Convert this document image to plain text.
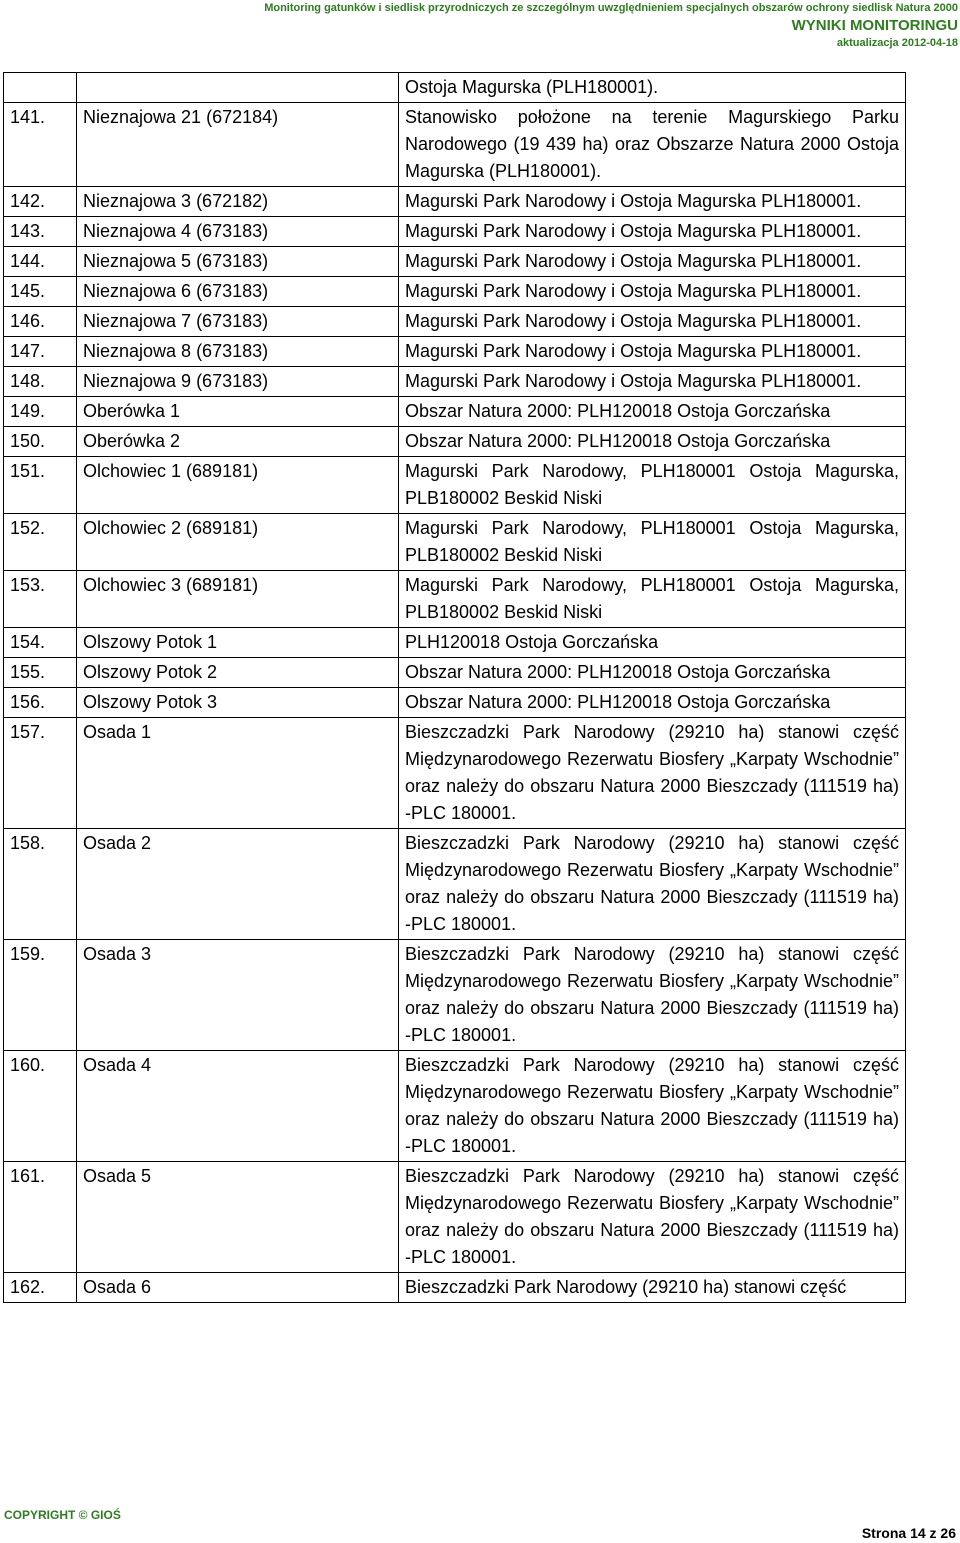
Monitoring gatunków i siedlisk przyrodniczych ze szczególnym uwzględnieniem specjalnych obszarów ochrony siedlisk Natura 2000
WYNIKI MONITORINGU
aktualizacja 2012-04-18
		Ostoja Magurska (PLH180001).
141.	Nieznajowa 21 (672184)	Stanowisko położone na terenie Magurskiego Parku Narodowego (19 439 ha) oraz Obszarze Natura 2000 Ostoja Magurska (PLH180001).
142.	Nieznajowa 3 (672182)	Magurski Park Narodowy i Ostoja Magurska PLH180001.
143.	Nieznajowa 4 (673183)	Magurski Park Narodowy i Ostoja Magurska PLH180001.
144.	Nieznajowa 5 (673183)	Magurski Park Narodowy i Ostoja Magurska PLH180001.
145.	Nieznajowa 6 (673183)	Magurski Park Narodowy i Ostoja Magurska PLH180001.
146.	Nieznajowa 7 (673183)	Magurski Park Narodowy i Ostoja Magurska PLH180001.
147.	Nieznajowa 8 (673183)	Magurski Park Narodowy i Ostoja Magurska PLH180001.
148.	Nieznajowa 9 (673183)	Magurski Park Narodowy i Ostoja Magurska PLH180001.
149.	Oberówka 1	Obszar Natura 2000: PLH120018 Ostoja Gorczańska
150.	Oberówka 2	Obszar Natura 2000: PLH120018 Ostoja Gorczańska
151.	Olchowiec 1 (689181)	Magurski Park Narodowy, PLH180001 Ostoja Magurska, PLB180002 Beskid Niski
152.	Olchowiec 2 (689181)	Magurski Park Narodowy, PLH180001 Ostoja Magurska, PLB180002 Beskid Niski
153.	Olchowiec 3 (689181)	Magurski Park Narodowy, PLH180001 Ostoja Magurska, PLB180002 Beskid Niski
154.	Olszowy Potok 1	PLH120018 Ostoja Gorczańska
155.	Olszowy Potok 2	Obszar Natura 2000: PLH120018 Ostoja Gorczańska
156.	Olszowy Potok 3	Obszar Natura 2000: PLH120018 Ostoja Gorczańska
157.	Osada 1	Bieszczadzki Park Narodowy (29210 ha) stanowi część Międzynarodowego Rezerwatu Biosfery „Karpaty Wschodnie” oraz należy do obszaru Natura 2000 Bieszczady (111519 ha) -PLC 180001.
158.	Osada 2	Bieszczadzki Park Narodowy (29210 ha) stanowi część Międzynarodowego Rezerwatu Biosfery „Karpaty Wschodnie” oraz należy do obszaru Natura 2000 Bieszczady (111519 ha) -PLC 180001.
159.	Osada 3	Bieszczadzki Park Narodowy (29210 ha) stanowi część Międzynarodowego Rezerwatu Biosfery „Karpaty Wschodnie” oraz należy do obszaru Natura 2000 Bieszczady (111519 ha) -PLC 180001.
160.	Osada 4	Bieszczadzki Park Narodowy (29210 ha) stanowi część Międzynarodowego Rezerwatu Biosfery „Karpaty Wschodnie” oraz należy do obszaru Natura 2000 Bieszczady (111519 ha) -PLC 180001.
161.	Osada 5	Bieszczadzki Park Narodowy (29210 ha) stanowi część Międzynarodowego Rezerwatu Biosfery „Karpaty Wschodnie” oraz należy do obszaru Natura 2000 Bieszczady (111519 ha) -PLC 180001.
162.	Osada 6	Bieszczadzki Park Narodowy (29210 ha) stanowi część
COPYRIGHT © GIOŚ
Strona 14 z 26
